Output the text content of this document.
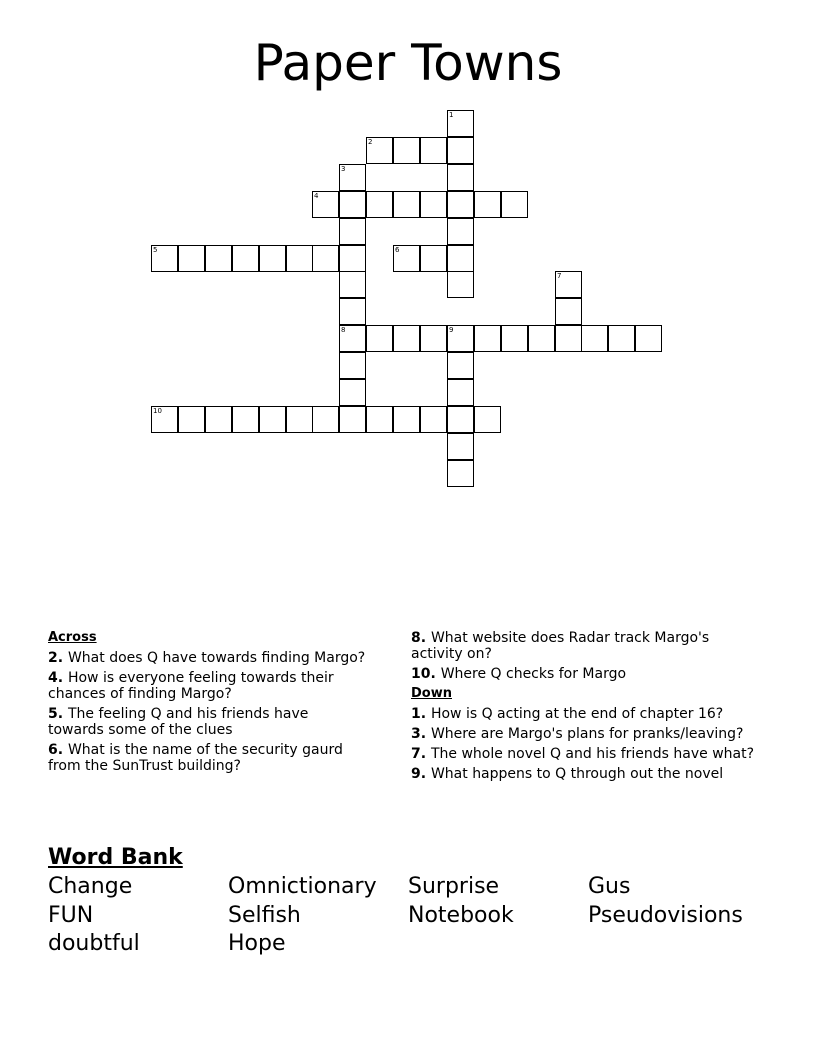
Paper Towns
1
2
3
8
4
5	6
7
9
10
Across
2. What does Q have towards finding Margo?
4. How is everyone feeling towards their chances of finding Margo?
5. The feeling Q and his friends have towards some of the clues
6. What is the name of the security gaurd from the SunTrust building?
8. What website does Radar track Margo's activity on?
10. Where Q checks for Margo
Down
1. How is Q acting at the end of chapter 16?
3. Where are Margo's plans for pranks/leaving?
7. The whole novel Q and his friends have what?
9. What happens to Q through out the novel
Word Bank
Change	Omnictionary	Surprise	Gus
FUN	Selfish	Notebook	Pseudovisions
doubtful	Hope
